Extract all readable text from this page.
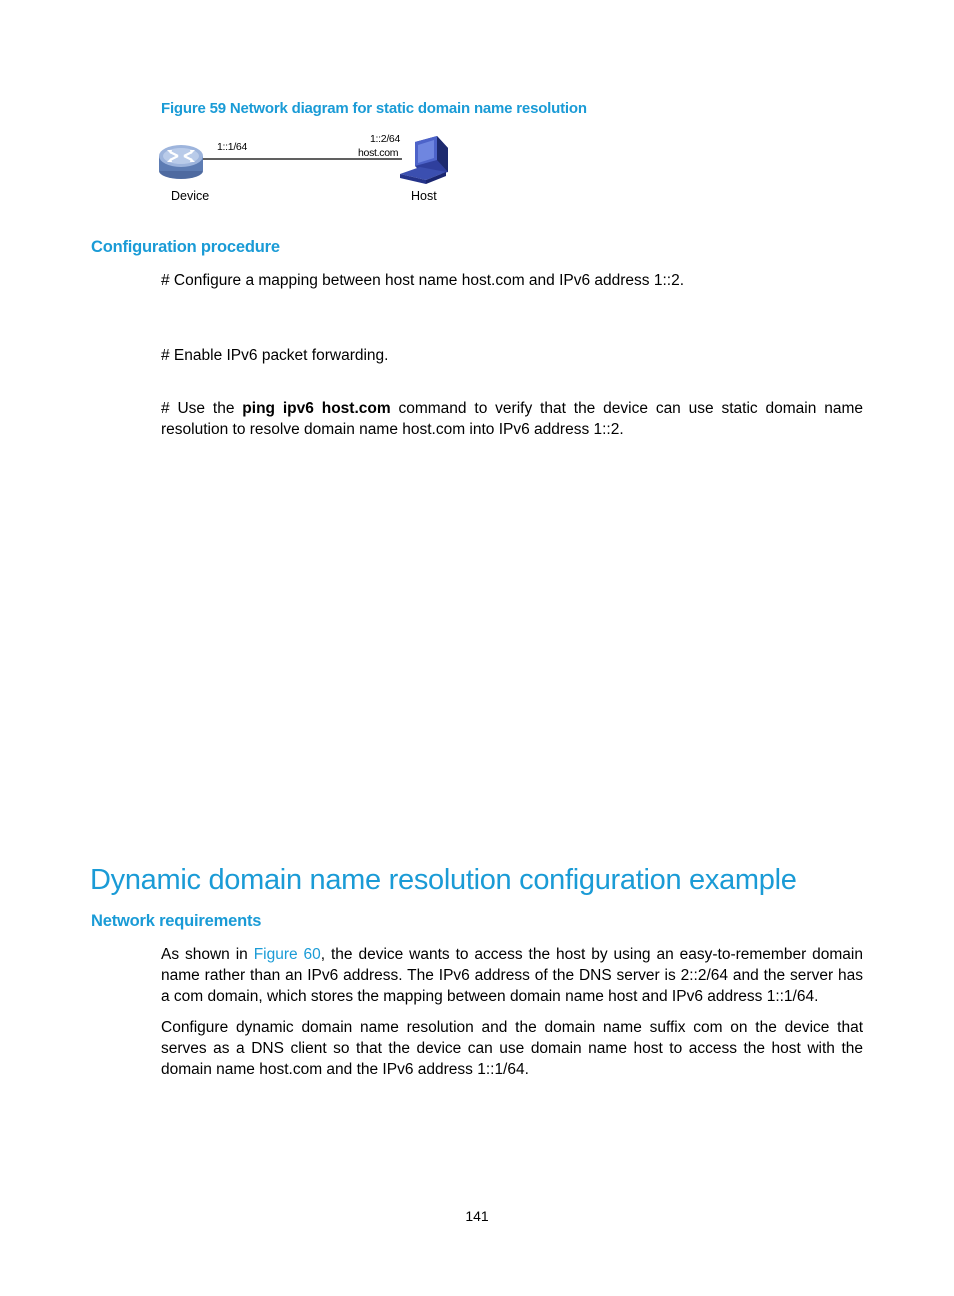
Figure 59 Network diagram for static domain name resolution
1::1/64
1::2/64
host.com
Device	Host
Configuration procedure

# Configure a mapping between host name host.com and IPv6 address 1::2.

# Enable IPv6 packet forwarding.

# Use the ping ipv6 host.com command to verify that the device can use static domain name resolution to resolve domain name host.com into IPv6 address 1::2.

Dynamic domain name resolution configuration example
Network requirements

As shown in Figure 60, the device wants to access the host by using an easy-to-remember domain name rather than an IPv6 address. The IPv6 address of the DNS server is 2::2/64 and the server has a com domain, which stores the mapping between domain name host and IPv6 address 1::1/64.

Configure dynamic domain name resolution and the domain name suffix com on the device that serves as a DNS client so that the device can use domain name host to access the host with the domain name host.com and the IPv6 address 1::1/64.

141
